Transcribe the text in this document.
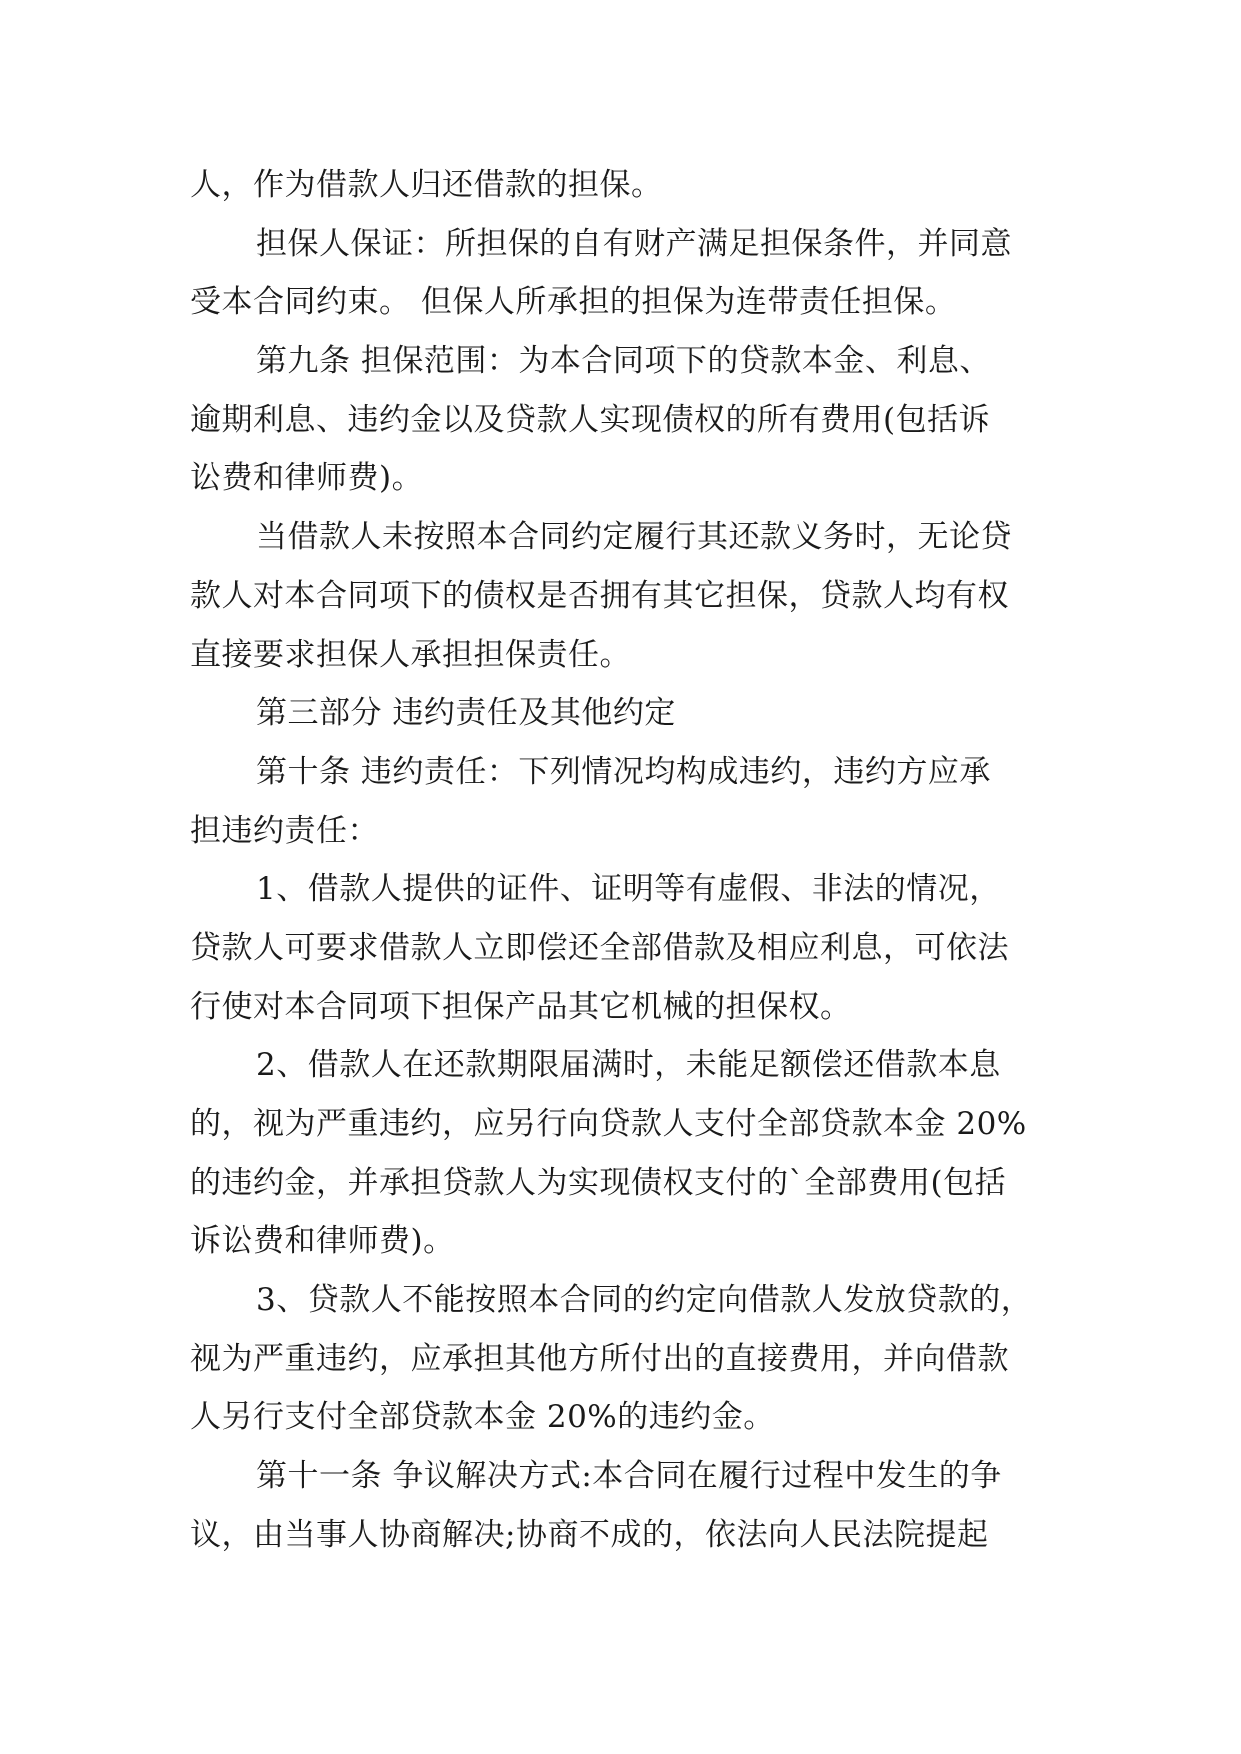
人，作为借款人归还借款的担保。
担保人保证：所担保的自有财产满足担保条件，并同意
受本合同约束。 但保人所承担的担保为连带责任担保。
第九条 担保范围：为本合同项下的贷款本金、利息、
逾期利息、违约金以及贷款人实现债权的所有费用(包括诉
讼费和律师费)。
当借款人未按照本合同约定履行其还款义务时，无论贷
款人对本合同项下的债权是否拥有其它担保，贷款人均有权
直接要求担保人承担担保责任。
第三部分 违约责任及其他约定
第十条 违约责任：下列情况均构成违约，违约方应承
担违约责任：
1、借款人提供的证件、证明等有虚假、非法的情况，
贷款人可要求借款人立即偿还全部借款及相应利息，可依法
行使对本合同项下担保产品其它机械的担保权。
2、借款人在还款期限届满时，未能足额偿还借款本息
的，视为严重违约，应另行向贷款人支付全部贷款本金 20%
的违约金，并承担贷款人为实现债权支付的`全部费用(包括
诉讼费和律师费)。
3、贷款人不能按照本合同的约定向借款人发放贷款的，
视为严重违约，应承担其他方所付出的直接费用，并向借款
人另行支付全部贷款本金 20%的违约金。
第十一条 争议解决方式:本合同在履行过程中发生的争
议，由当事人协商解决;协商不成的，依法向人民法院提起
